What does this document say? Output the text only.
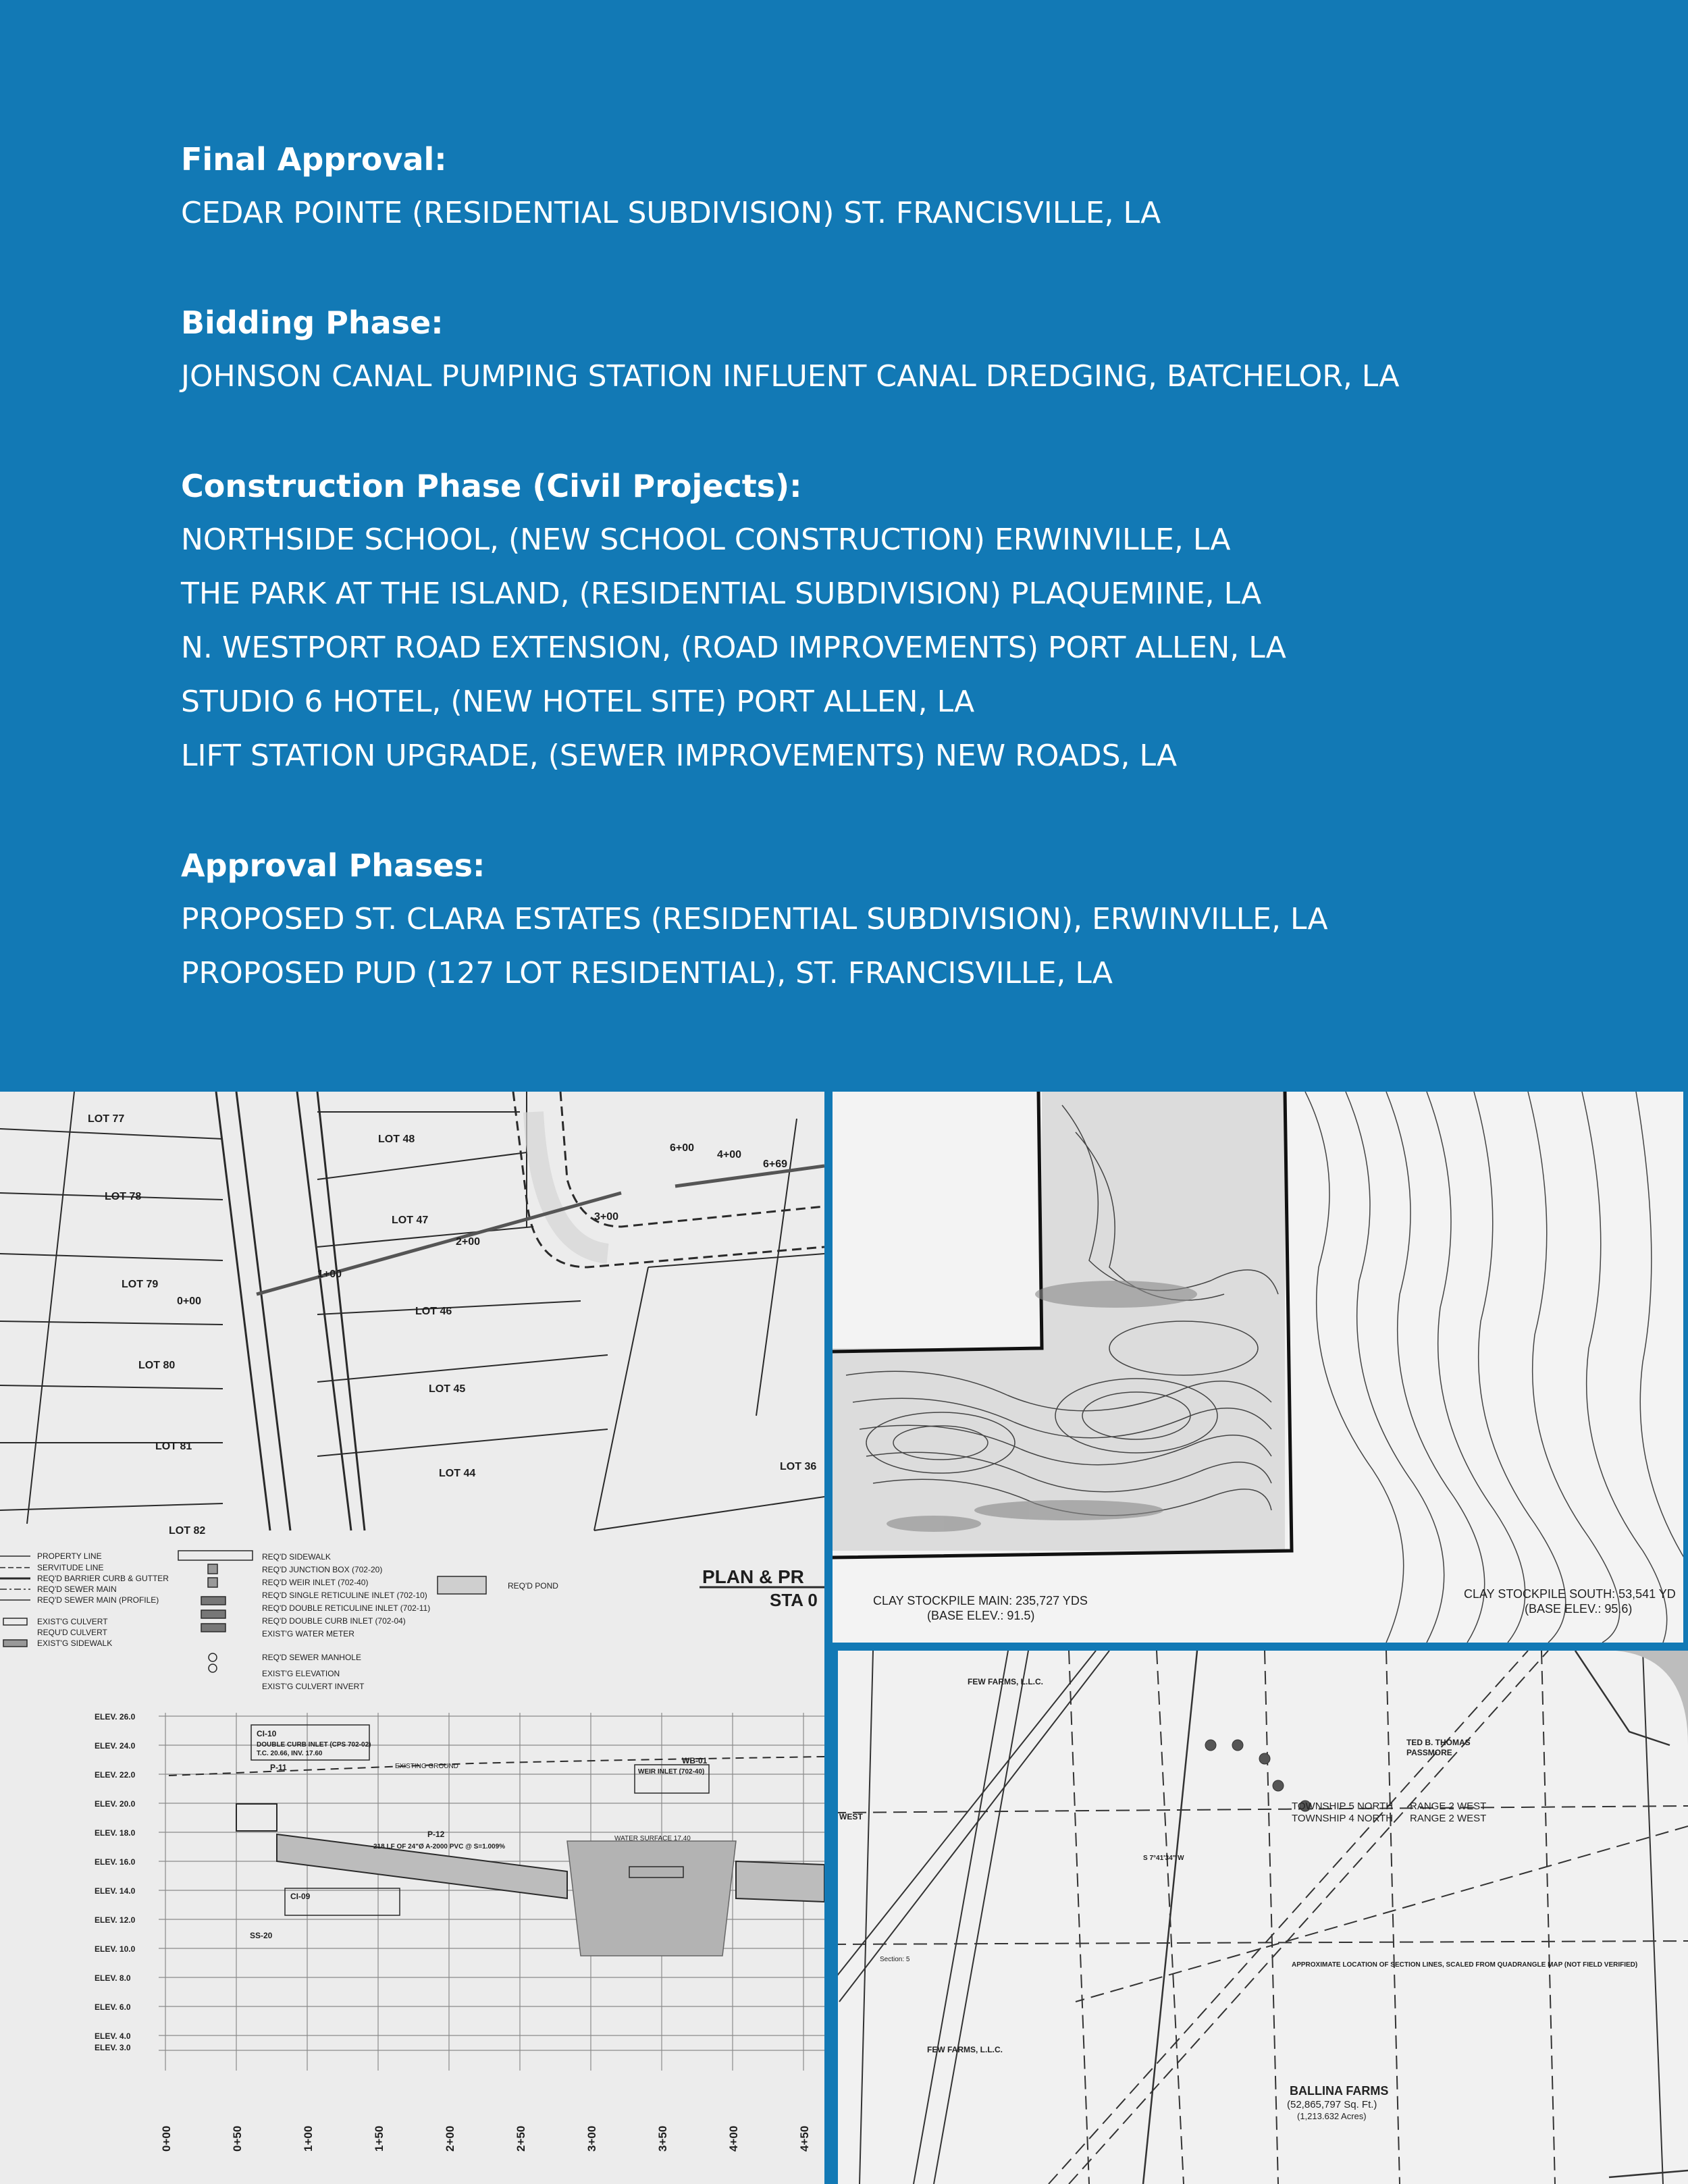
Final Approval:

CEDAR POINTE (RESIDENTIAL SUBDIVISION) ST. FRANCISVILLE, LA

Bidding Phase:

JOHNSON CANAL PUMPING STATION INFLUENT CANAL DREDGING, BATCHELOR, LA

Construction Phase (Civil Projects):

NORTHSIDE SCHOOL, (NEW SCHOOL CONSTRUCTION) ERWINVILLE, LA

THE PARK AT THE ISLAND, (RESIDENTIAL SUBDIVISION) PLAQUEMINE, LA

N. WESTPORT ROAD EXTENSION, (ROAD IMPROVEMENTS) PORT ALLEN, LA

STUDIO 6 HOTEL, (NEW HOTEL SITE) PORT ALLEN, LA

LIFT STATION UPGRADE, (SEWER IMPROVEMENTS) NEW ROADS, LA

Approval Phases:

PROPOSED ST. CLARA ESTATES (RESIDENTIAL SUBDIVISION), ERWINVILLE, LA

PROPOSED PUD (127 LOT RESIDENTIAL), ST. FRANCISVILLE, LA

LOT 77
LOT 78
LOT 79
LOT 80
LOT 81
LOT 82
LOT 48
LOT 47
LOT 46
LOT 45
LOT 44
LOT 36
0+00
1+00
2+00
3+00
4+00
6+00
6+69
PROPERTY LINE
SERVITUDE LINE
REQ'D BARRIER CURB & GUTTER
REQ'D SEWER MAIN
REQ'D SEWER MAIN (PROFILE)
EXIST'G CULVERT
REQU'D CULVERT
EXIST'G SIDEWALK
REQ'D SIDEWALK
REQ'D JUNCTION BOX (702-20)
REQ'D WEIR INLET (702-40)
REQ'D SINGLE RETICULINE INLET (702-10)
REQ'D DOUBLE RETICULINE INLET (702-11)
REQ'D DOUBLE CURB INLET (702-04)
EXIST'G WATER METER
REQ'D SEWER MANHOLE
EXIST'G ELEVATION
EXIST'G CULVERT INVERT
REQ'D POND	PLAN & PR
STA 0
ELEV. 26.0
ELEV. 24.0
ELEV. 22.0
ELEV. 20.0
ELEV. 18.0
ELEV. 16.0
ELEV. 14.0
ELEV. 12.0
ELEV. 10.0
ELEV. 8.0
ELEV. 6.0
ELEV. 4.0
ELEV. 3.0
CI-10
DOUBLE CURB INLET (CPS 702-02)
T.C. 20.66, INV. 17.60
P-11
P-12
218 LF OF 24"Ø A-2000 PVC @ S=1.009%
WB-01
WEIR INLET (702-40)
CI-09
SS-20
EXISTING GROUND
WATER SURFACE 17.40
0+00	0+50	1+00	1+50	2+00	2+50	3+00	3+50	4+00	4+50
CLAY STOCKPILE MAIN: 235,727 YDS
(BASE ELEV.: 91.5)
CLAY STOCKPILE SOUTH: 53,541 YD
(BASE ELEV.: 95.6)
FEW FARMS, L.L.C.
FEW FARMS, L.L.C.
TED B. THOMAS
PASSMORE
WEST
S 7°41'34" W
APPROXIMATE LOCATION OF SECTION LINES, SCALED FROM QUADRANGLE MAP (NOT FIELD VERIFIED)
Section: 5
TOWNSHIP 5 NORTH
TOWNSHIP 4 NORTH
RANGE 2 WEST
RANGE 2 WEST
BALLINA FARMS
(52,865,797 Sq. Ft.)
(1,213.632 Acres)
